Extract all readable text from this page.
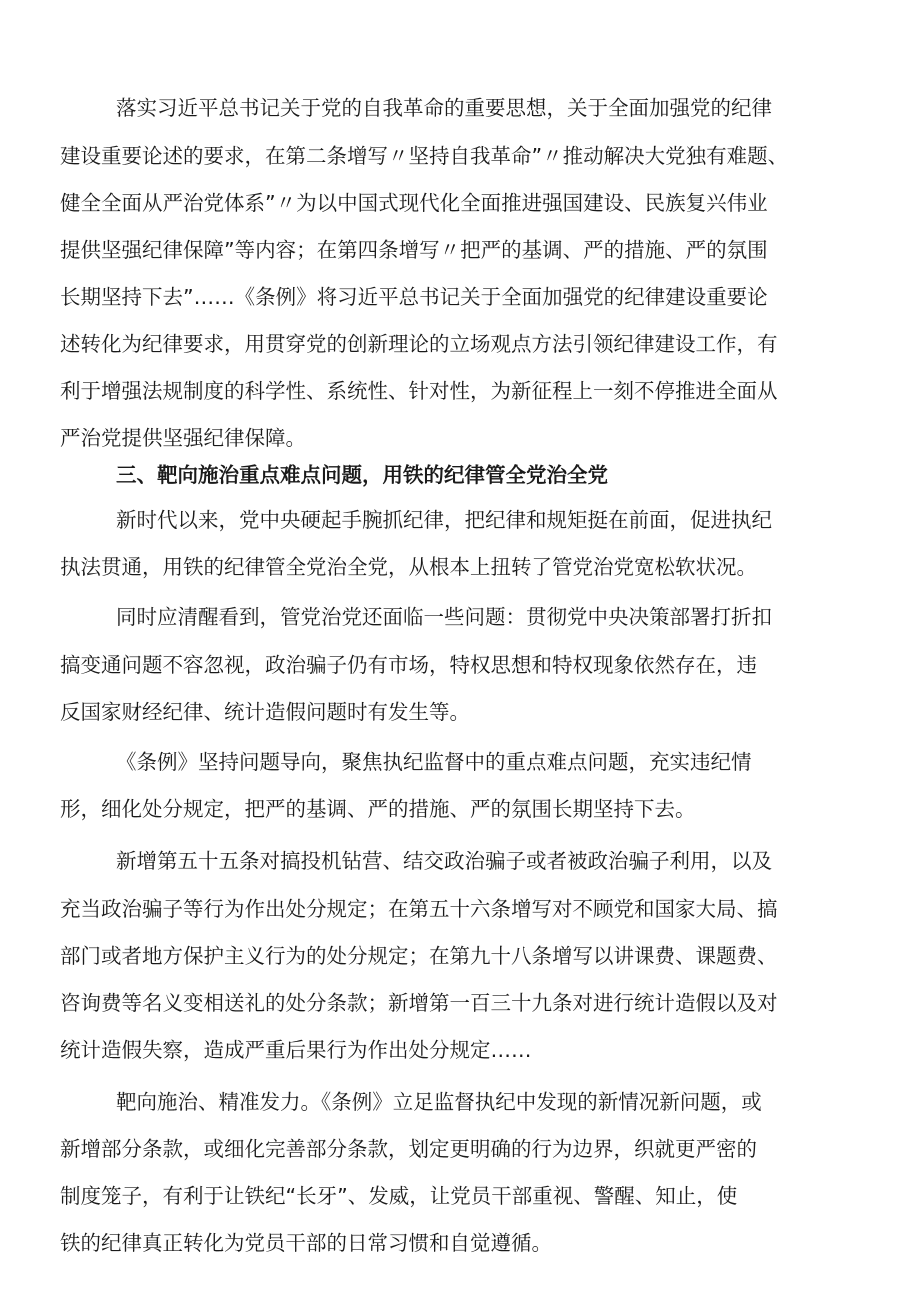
落实习近平总书记关于党的自我革命的重要思想，关于全面加强党的纪律
建设重要论述的要求，在第二条增写〃坚持自我革命”〃推动解决大党独有难题、
健全全面从严治党体系”〃为以中国式现代化全面推进强国建设、民族复兴伟业
提供坚强纪律保障”等内容；在第四条增写〃把严的基调、严的措施、严的氛围
长期坚持下去”……《条例》将习近平总书记关于全面加强党的纪律建设重要论
述转化为纪律要求，用贯穿党的创新理论的立场观点方法引领纪律建设工作，有
利于增强法规制度的科学性、系统性、针对性，为新征程上一刻不停推进全面从
严治党提供坚强纪律保障。
三、靶向施治重点难点问题，用铁的纪律管全党治全党
新时代以来，党中央硬起手腕抓纪律，把纪律和规矩挺在前面，促进执纪
执法贯通，用铁的纪律管全党治全党，从根本上扭转了管党治党宽松软状况。
同时应清醒看到，管党治党还面临一些问题：贯彻党中央决策部署打折扣
搞变通问题不容忽视，政治骗子仍有市场，特权思想和特权现象依然存在，违
反国家财经纪律、统计造假问题时有发生等。
《条例》坚持问题导向，聚焦执纪监督中的重点难点问题，充实违纪情
形，细化处分规定，把严的基调、严的措施、严的氛围长期坚持下去。
新增第五十五条对搞投机钻营、结交政治骗子或者被政治骗子利用，以及
充当政治骗子等行为作出处分规定；在第五十六条增写对不顾党和国家大局、搞
部门或者地方保护主义行为的处分规定；在第九十八条增写以讲课费、课题费、
咨询费等名义变相送礼的处分条款；新增第一百三十九条对进行统计造假以及对
统计造假失察，造成严重后果行为作出处分规定……
靶向施治、精准发力。《条例》立足监督执纪中发现的新情况新问题，或
新增部分条款，或细化完善部分条款，划定更明确的行为边界，织就更严密的
制度笼子，有利于让铁纪“长牙”、发威，让党员干部重视、警醒、知止，使
铁的纪律真正转化为党员干部的日常习惯和自觉遵循。
